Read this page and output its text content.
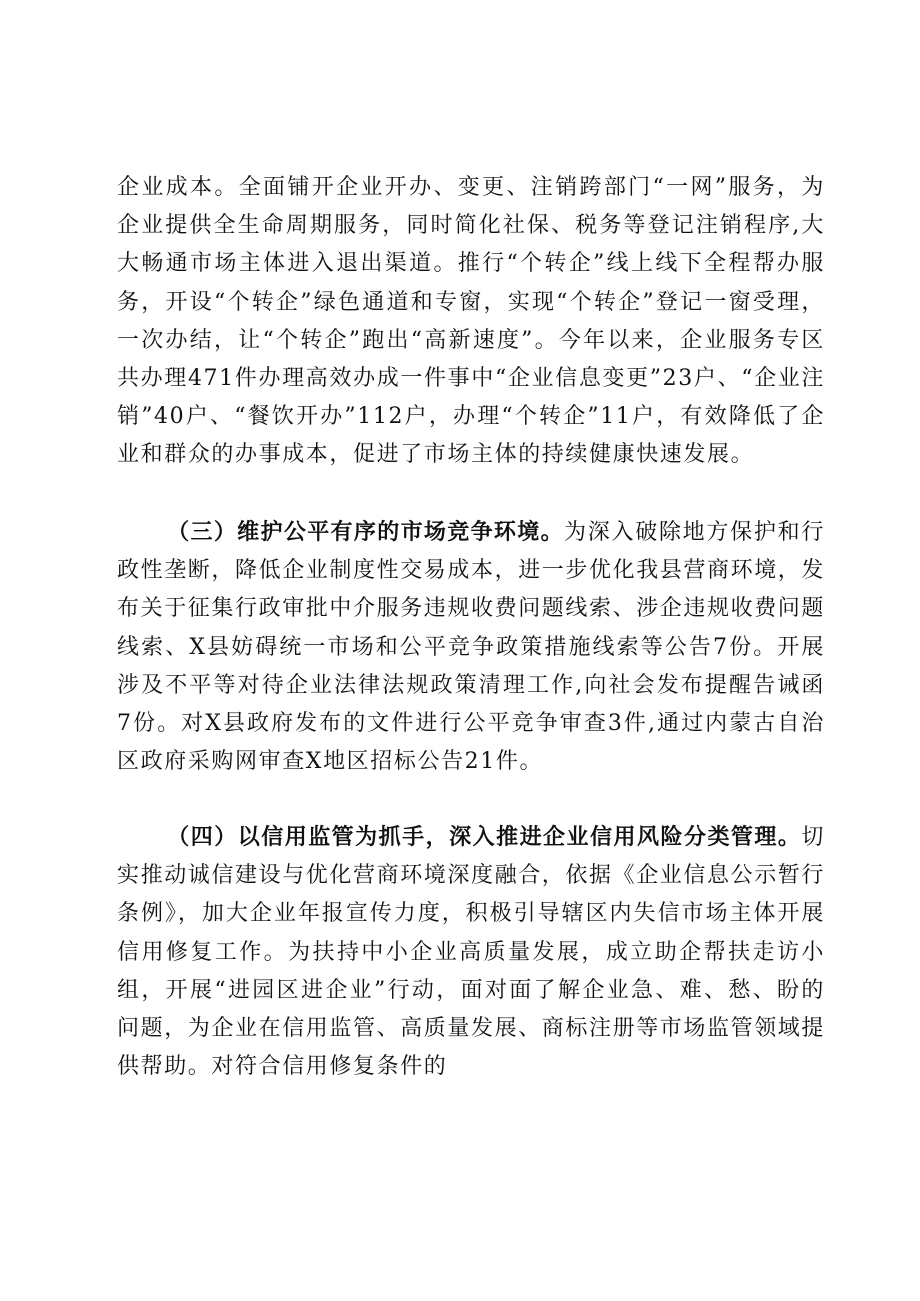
企业成本。全面铺开企业开办、变更、注销跨部门“一网”服务，为企业提供全生命周期服务，同时简化社保、税务等登记注销程序,大大畅通市场主体进入退出渠道。推行“个转企”线上线下全程帮办服务，开设“个转企”绿色通道和专窗，实现“个转企”登记一窗受理，一次办结，让“个转企”跑出“高新速度”。今年以来，企业服务专区共办理471件办理高效办成一件事中“企业信息变更”23户、“企业注销”40户、“餐饮开办”112户，办理“个转企”11户，有效降低了企业和群众的办事成本，促进了市场主体的持续健康快速发展。

（三）维护公平有序的市场竞争环境。为深入破除地方保护和行政性垄断，降低企业制度性交易成本，进一步优化我县营商环境，发布关于征集行政审批中介服务违规收费问题线索、涉企违规收费问题线索、X县妨碍统一市场和公平竞争政策措施线索等公告7份。开展涉及不平等对待企业法律法规政策清理工作,向社会发布提醒告诫函7份。对X县政府发布的文件进行公平竞争审查3件,通过内蒙古自治区政府采购网审查X地区招标公告21件。

（四）以信用监管为抓手，深入推进企业信用风险分类管理。切实推动诚信建设与优化营商环境深度融合，依据《企业信息公示暂行条例》，加大企业年报宣传力度，积极引导辖区内失信市场主体开展信用修复工作。为扶持中小企业高质量发展，成立助企帮扶走访小组，开展“进园区进企业”行动，面对面了解企业急、难、愁、盼的问题，为企业在信用监管、高质量发展、商标注册等市场监管领域提供帮助。对符合信用修复条件的
